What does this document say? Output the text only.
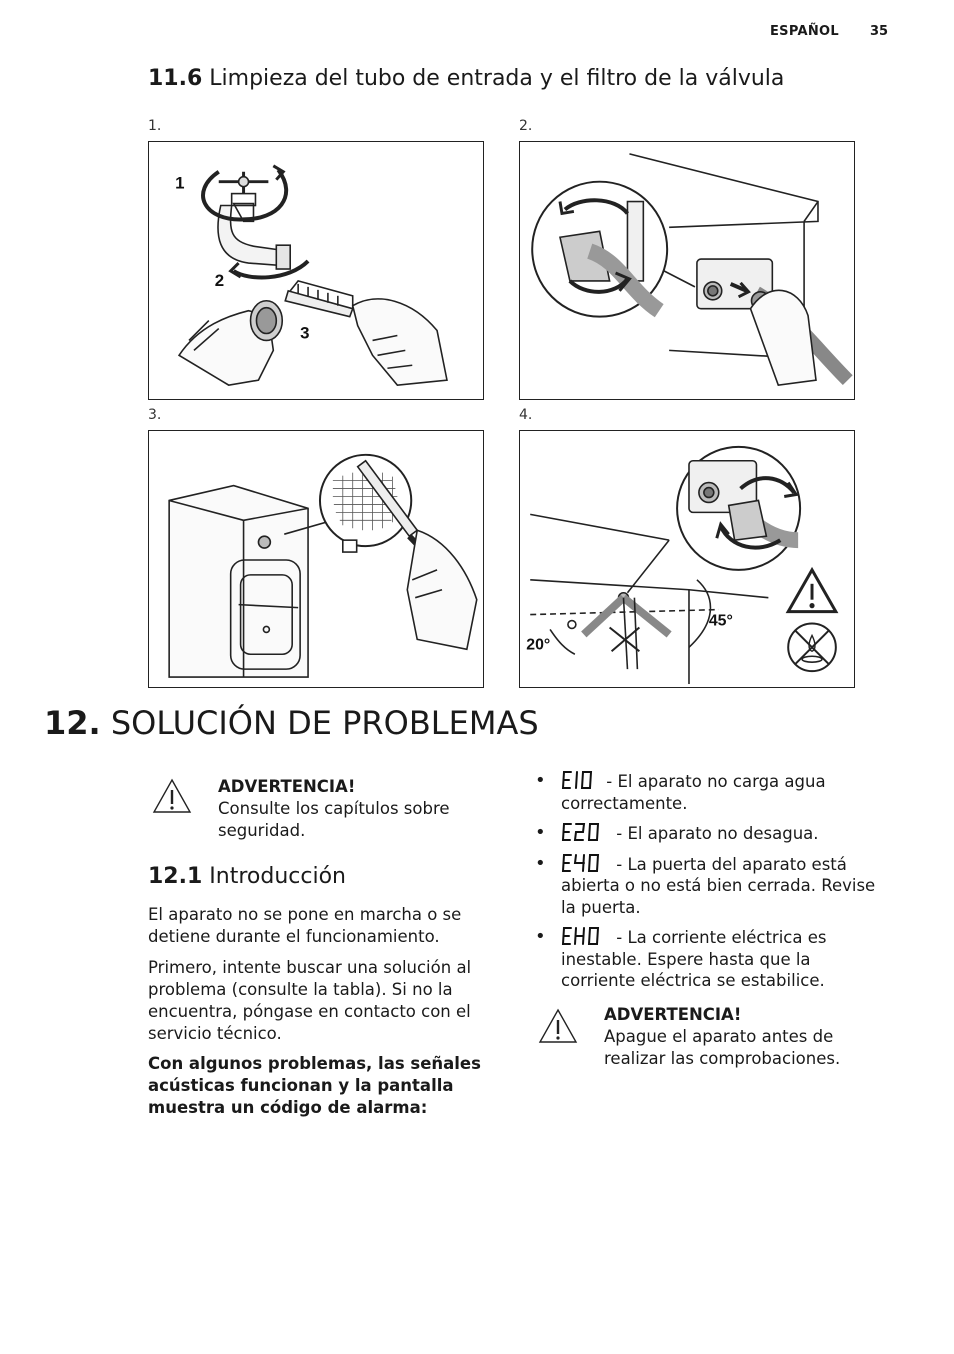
ESPAÑOL 35
11.6 Limpieza del tubo de entrada y el filtro de la válvula
1.	2.
3.	4.
1
2
3
20°
45°
12. SOLUCIÓN DE PROBLEMAS
ADVERTENCIA!
Consulte los capítulos sobre seguridad.
12.1 Introducción
El aparato no se pone en marcha o se detiene durante el funcionamiento.
Primero, intente buscar una solución al problema (consulte la tabla). Si no la encuentra, póngase en contacto con el servicio técnico.
Con algunos problemas, las señales acústicas funcionan y la pantalla muestra un código de alarma:
•	- El aparato no carga agua correctamente.
•	- El aparato no desagua.
•	- La puerta del aparato está abierta o no está bien cerrada. Revise la puerta.
•	- La corriente eléctrica es inestable. Espere hasta que la corriente eléctrica se estabilice.
ADVERTENCIA!
Apague el aparato antes de realizar las comprobaciones.
